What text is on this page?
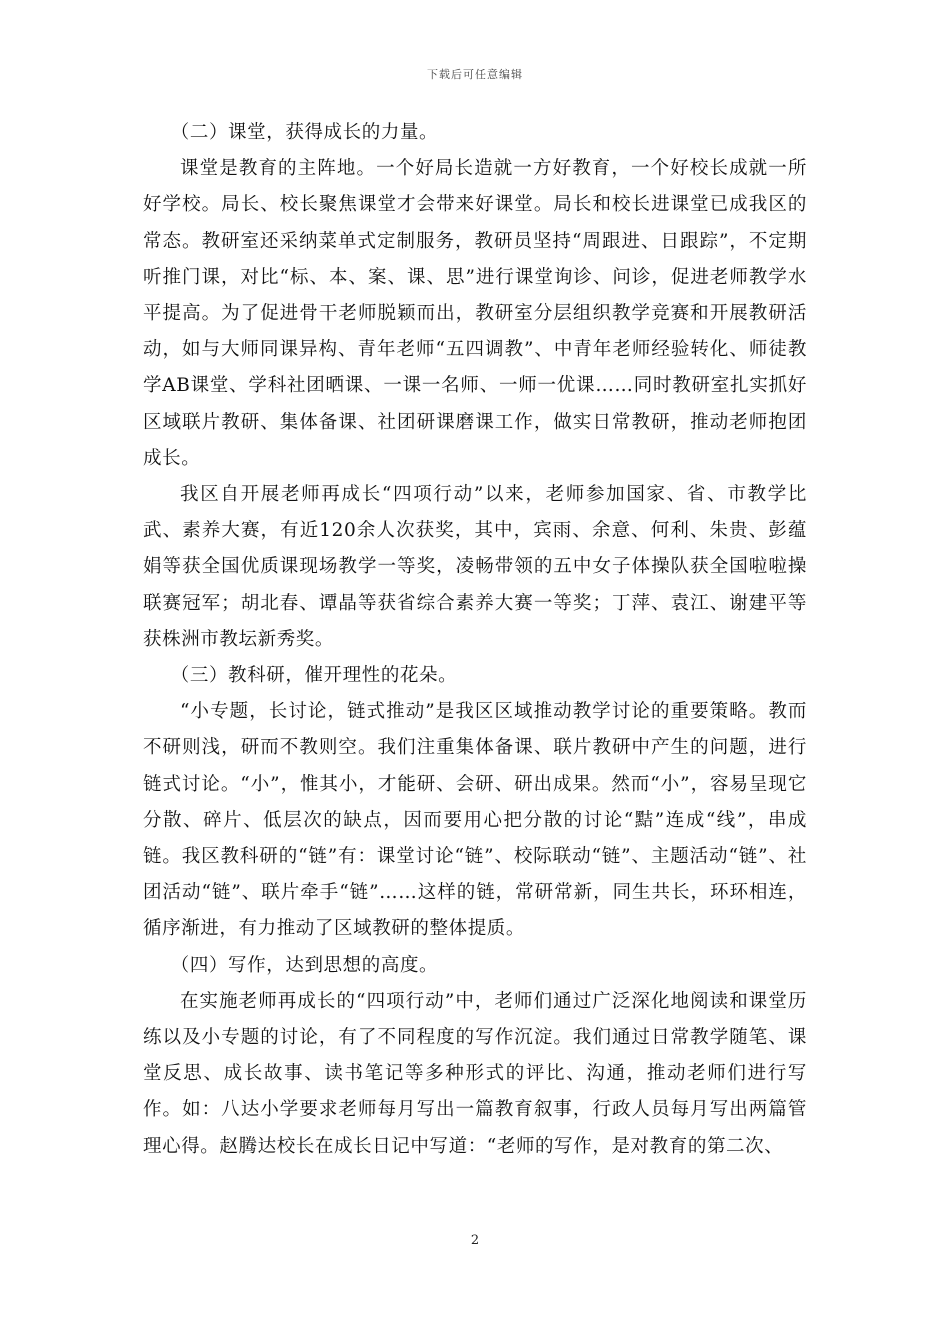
下载后可任意编辑

（二）课堂，获得成长的力量。

课堂是教育的主阵地。一个好局长造就一方好教育，一个好校长成就一所好学校。局长、校长聚焦课堂才会带来好课堂。局长和校长进课堂已成我区的常态。教研室还采纳菜单式定制服务，教研员坚持“周跟进、日跟踪”，不定期听推门课，对比“标、本、案、课、思”进行课堂询诊、问诊，促进老师教学水平提高。为了促进骨干老师脱颖而出，教研室分层组织教学竞赛和开展教研活动，如与大师同课异构、青年老师“五四调教”、中青年老师经验转化、师徒教学AB课堂、学科社团晒课、一课一名师、一师一优课……同时教研室扎实抓好区域联片教研、集体备课、社团研课磨课工作，做实日常教研，推动老师抱团成长。

我区自开展老师再成长“四项行动”以来，老师参加国家、省、市教学比武、素养大赛，有近120余人次获奖，其中，宾雨、余意、何利、朱贵、彭蕴娟等获全国优质课现场教学一等奖，凌畅带领的五中女子体操队获全国啦啦操联赛冠军；胡北春、谭晶等获省综合素养大赛一等奖；丁萍、袁江、谢建平等获株洲市教坛新秀奖。

（三）教科研，催开理性的花朵。

“小专题，长讨论，链式推动”是我区区域推动教学讨论的重要策略。教而不研则浅，研而不教则空。我们注重集体备课、联片教研中产生的问题，进行链式讨论。“小”，惟其小，才能研、会研、研出成果。然而“小”，容易呈现它分散、碎片、低层次的缺点，因而要用心把分散的讨论“黠”连成“线”，串成链。我区教科研的“链”有：课堂讨论“链”、校际联动“链”、主题活动“链”、社团活动“链”、联片牵手“链”……这样的链，常研常新，同生共长，环环相连，循序渐进，有力推动了区域教研的整体提质。

（四）写作，达到思想的高度。

在实施老师再成长的“四项行动”中，老师们通过广泛深化地阅读和课堂历练以及小专题的讨论，有了不同程度的写作沉淀。我们通过日常教学随笔、课堂反思、成长故事、读书笔记等多种形式的评比、沟通，推动老师们进行写作。如：八达小学要求老师每月写出一篇教育叙事，行政人员每月写出两篇管理心得。赵腾达校长在成长日记中写道：“老师的写作，是对教育的第二次、

2
